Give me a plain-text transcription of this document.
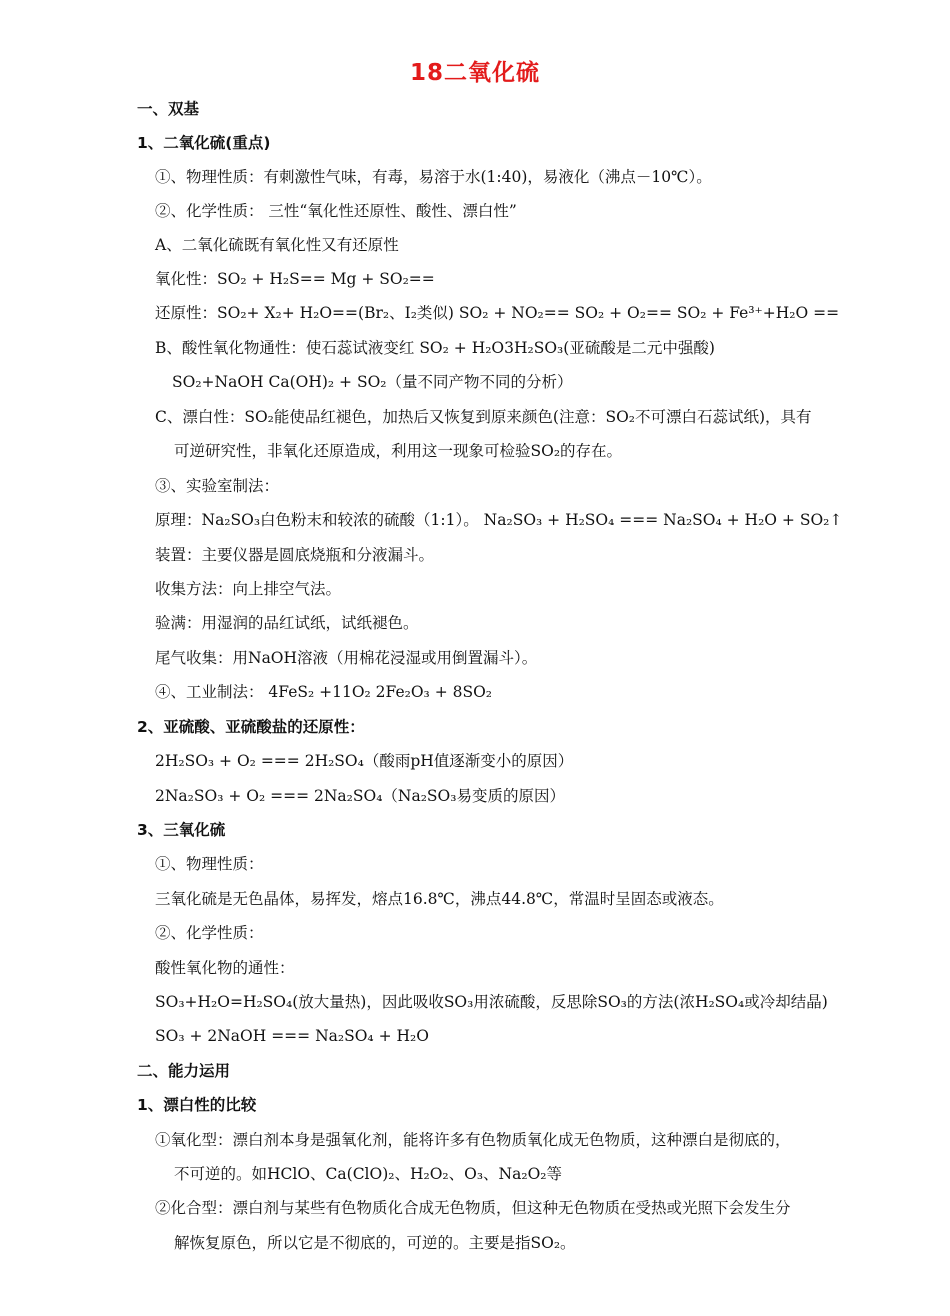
18二氧化硫
一、双基
1、二氧化硫(重点)
①、物理性质：有刺激性气味，有毒，易溶于水(1:40)，易液化（沸点－10℃）。
②、化学性质： 三性“氧化性还原性、酸性、漂白性”
A、二氧化硫既有氧化性又有还原性
氧化性：SO₂ + H₂S== Mg + SO₂==
还原性：SO₂+ X₂+ H₂O==(Br₂、I₂类似) SO₂ + NO₂== SO₂ + O₂== SO₂ + Fe³⁺+H₂O ==
B、酸性氧化物通性：使石蕊试液变红 SO₂ + H₂O3H₂SO₃(亚硫酸是二元中强酸)
SO₂+NaOH Ca(OH)₂ + SO₂（量不同产物不同的分析）
C、漂白性：SO₂能使品红褪色，加热后又恢复到原来颜色(注意：SO₂不可漂白石蕊试纸)，具有
可逆研究性，非氧化还原造成，利用这一现象可检验SO₂的存在。
③、实验室制法：
原理：Na₂SO₃白色粉末和较浓的硫酸（1:1）。 Na₂SO₃ + H₂SO₄ === Na₂SO₄ + H₂O + SO₂↑
装置：主要仪器是圆底烧瓶和分液漏斗。
收集方法：向上排空气法。
验满：用湿润的品红试纸，试纸褪色。
尾气收集：用NaOH溶液（用棉花浸湿或用倒置漏斗）。
④、工业制法： 4FeS₂ +11O₂ 2Fe₂O₃ + 8SO₂
2、亚硫酸、亚硫酸盐的还原性：
2H₂SO₃ + O₂ === 2H₂SO₄（酸雨pH值逐渐变小的原因）
2Na₂SO₃ + O₂ === 2Na₂SO₄（Na₂SO₃易变质的原因）
3、三氧化硫
①、物理性质：
三氧化硫是无色晶体，易挥发，熔点16.8℃，沸点44.8℃，常温时呈固态或液态。
②、化学性质：
酸性氧化物的通性：
SO₃+H₂O=H₂SO₄(放大量热)，因此吸收SO₃用浓硫酸，反思除SO₃的方法(浓H₂SO₄或冷却结晶)
SO₃ + 2NaOH === Na₂SO₄ + H₂O
二、能力运用
1、漂白性的比较
①氧化型：漂白剂本身是强氧化剂，能将许多有色物质氧化成无色物质，这种漂白是彻底的，
不可逆的。如HClO、Ca(ClO)₂、H₂O₂、O₃、Na₂O₂等
②化合型：漂白剂与某些有色物质化合成无色物质，但这种无色物质在受热或光照下会发生分
解恢复原色，所以它是不彻底的，可逆的。主要是指SO₂。
